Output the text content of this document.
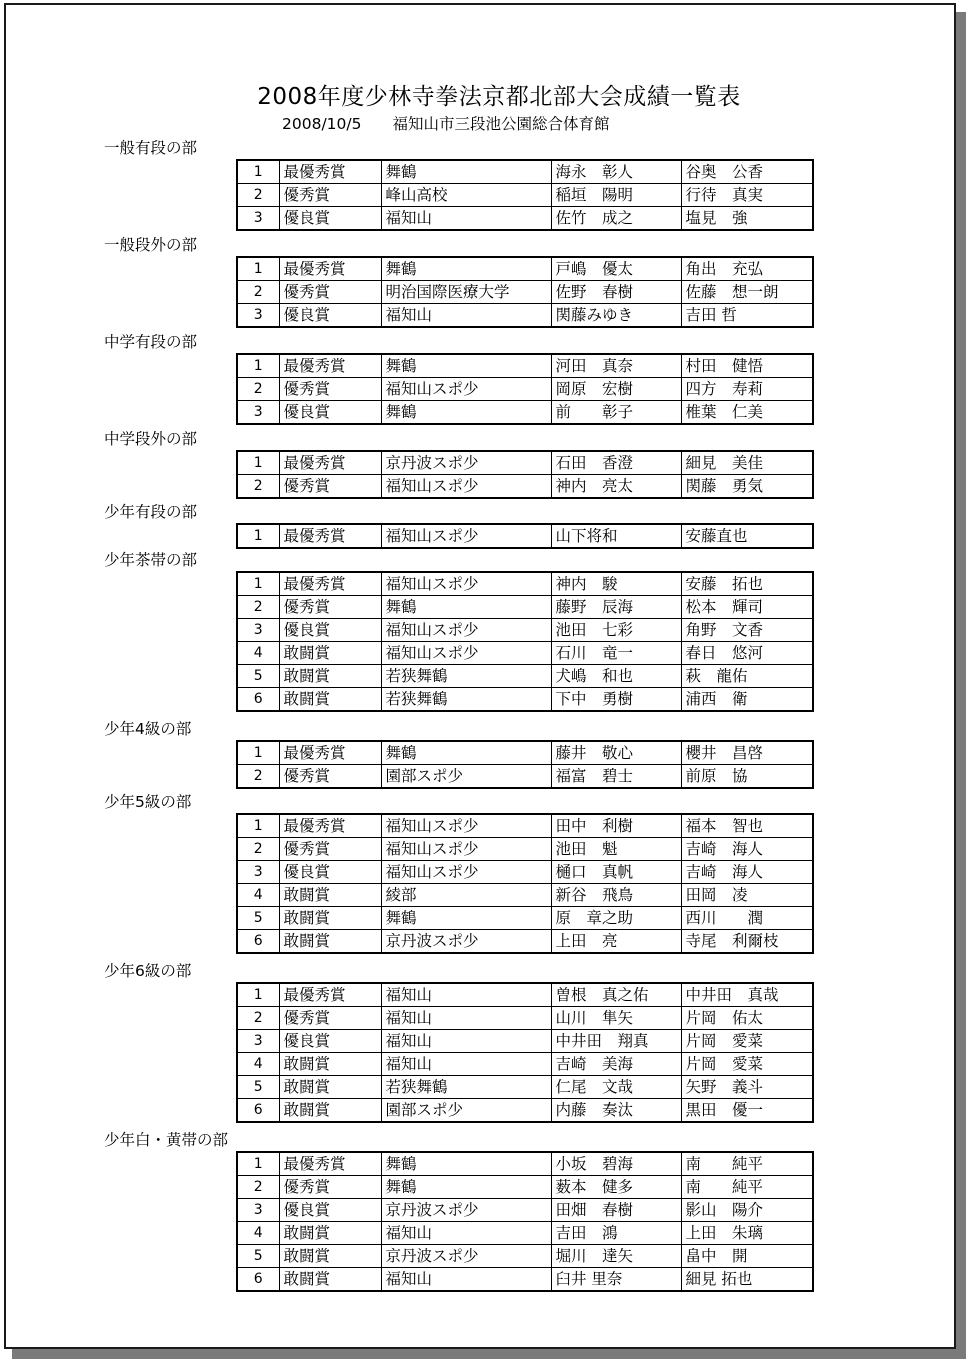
2008年度少林寺拳法京都北部大会成績一覧表
2008/10/5　　 福知山市三段池公園総合体育館
一般有段の部
1	最優秀賞	舞鶴	海永　彰人	谷奥　公香
2	優秀賞	峰山高校	稲垣　陽明	行待　真実
3	優良賞	福知山	佐竹　成之	塩見　強
一般段外の部
1	最優秀賞	舞鶴	戸嶋　優太	角出　充弘
2	優秀賞	明治国際医療大学	佐野　春樹	佐藤　想一朗
3	優良賞	福知山	関藤みゆき	吉田 哲
中学有段の部
1	最優秀賞	舞鶴	河田　真奈	村田　健悟
2	優秀賞	福知山スポ少	岡原　宏樹	四方　寿莉
3	優良賞	舞鶴	前　　彰子	椎葉　仁美
中学段外の部
1	最優秀賞	京丹波スポ少	石田　香澄	細見　美佳
2	優秀賞	福知山スポ少	神内　亮太	関藤　勇気
少年有段の部
1	最優秀賞	福知山スポ少	山下将和	安藤直也
少年茶帯の部
1	最優秀賞	福知山スポ少	神内　駿	安藤　拓也
2	優秀賞	舞鶴	藤野　辰海	松本　輝司
3	優良賞	福知山スポ少	池田　七彩	角野　文香
4	敢闘賞	福知山スポ少	石川　竜一	春日　悠河
5	敢闘賞	若狭舞鶴	犬嶋　和也	萩　龍佑
6	敢闘賞	若狭舞鶴	下中　勇樹	浦西　衛
少年4級の部
1	最優秀賞	舞鶴	藤井　敬心	櫻井　昌啓
2	優秀賞	園部スポ少	福富　碧士	前原　協
少年5級の部
1	最優秀賞	福知山スポ少	田中　利樹	福本　智也
2	優秀賞	福知山スポ少	池田　魁	吉崎　海人
3	優良賞	福知山スポ少	樋口　真帆	吉崎　海人
4	敢闘賞	綾部	新谷　飛鳥	田岡　凌
5	敢闘賞	舞鶴	原　章之助	西川　　潤
6	敢闘賞	京丹波スポ少	上田　亮	寺尾　利爾枝
少年6級の部
1	最優秀賞	福知山	曽根　真之佑	中井田　真哉
2	優秀賞	福知山	山川　隼矢	片岡　佑太
3	優良賞	福知山	中井田　翔真	片岡　愛菜
4	敢闘賞	福知山	吉崎　美海	片岡　愛菜
5	敢闘賞	若狭舞鶴	仁尾　文哉	矢野　義斗
6	敢闘賞	園部スポ少	内藤　奏汰	黒田　優一
少年白・黄帯の部
1	最優秀賞	舞鶴	小坂　碧海	南　　純平
2	優秀賞	舞鶴	薮本　健多	南　　純平
3	優良賞	京丹波スポ少	田畑　春樹	影山　陽介
4	敢闘賞	福知山	吉田　鴻	上田　朱璃
5	敢闘賞	京丹波スポ少	堀川　達矢	畠中　開
6	敢闘賞	福知山	臼井 里奈	細見 拓也
